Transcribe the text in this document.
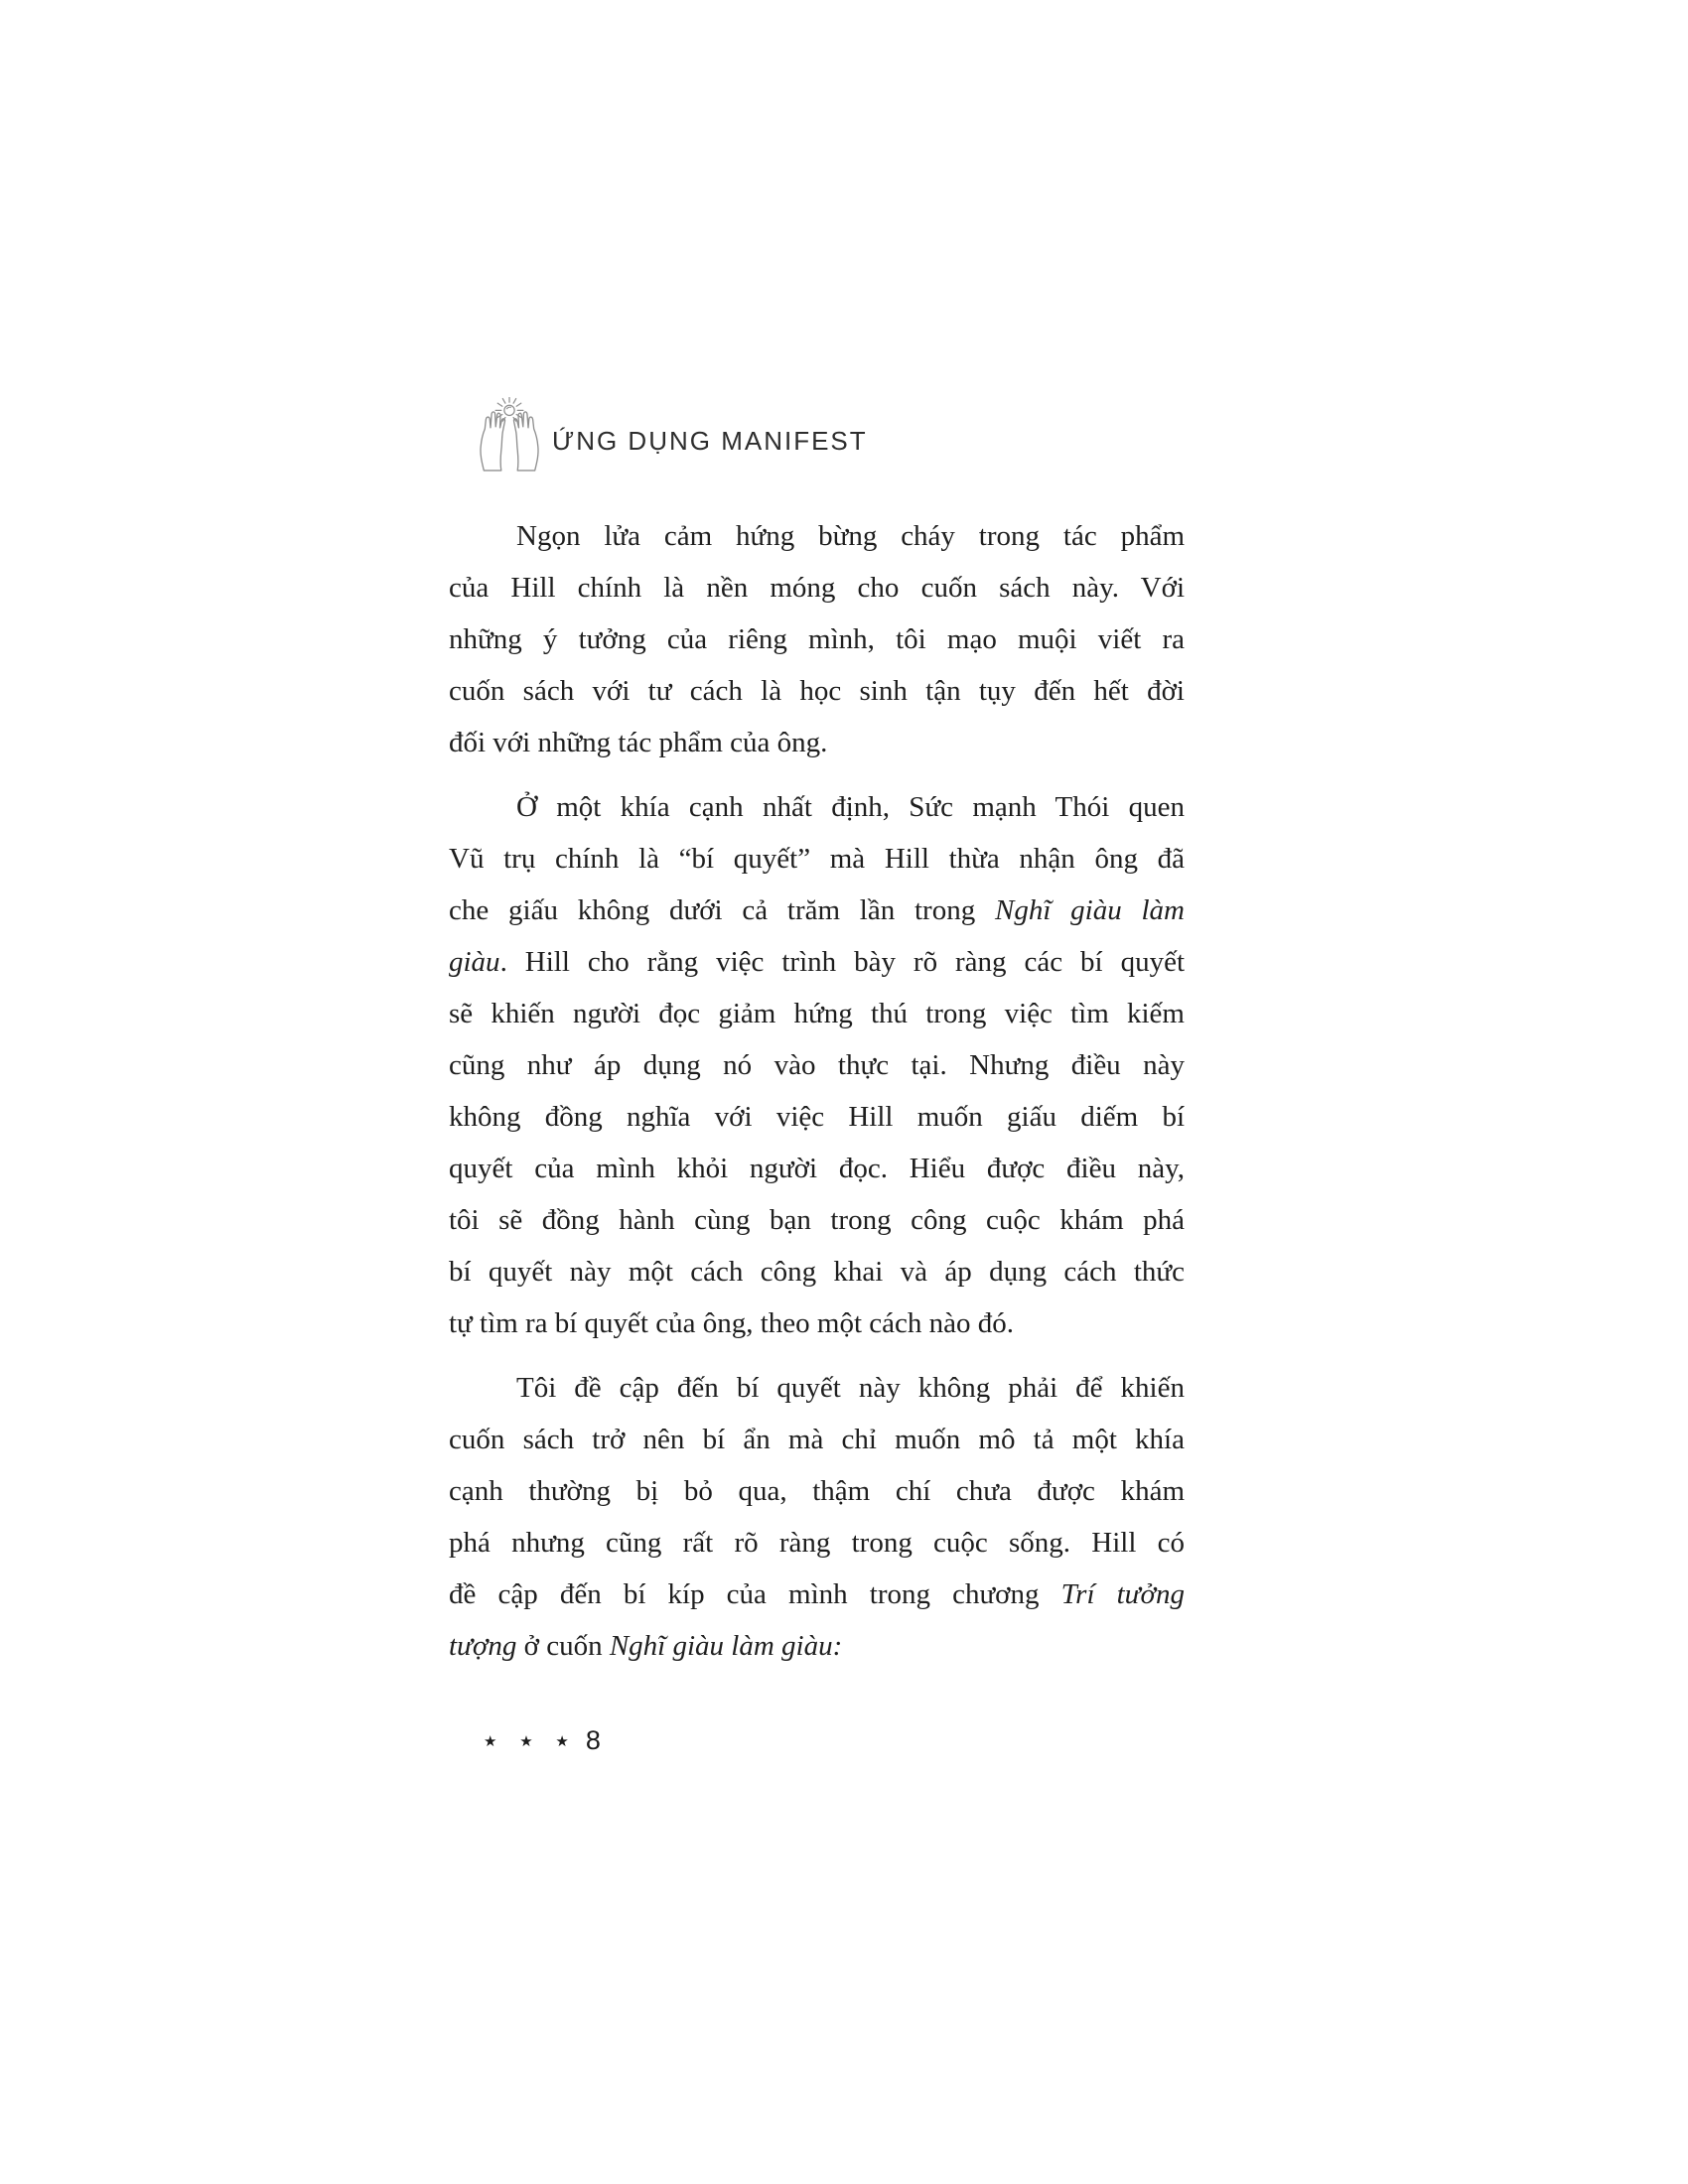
ỨNG DỤNG MANIFEST
Ngọn lửa cảm hứng bừng cháy trong tác phẩm
của Hill chính là nền móng cho cuốn sách này. Với
những ý tưởng của riêng mình, tôi mạo muội viết ra
cuốn sách với tư cách là học sinh tận tụy đến hết đời
đối với những tác phẩm của ông.
Ở một khía cạnh nhất định, Sức mạnh Thói quen
Vũ trụ chính là “bí quyết” mà Hill thừa nhận ông đã
che giấu không dưới cả trăm lần trong Nghĩ giàu làm
giàu. Hill cho rằng việc trình bày rõ ràng các bí quyết
sẽ khiến người đọc giảm hứng thú trong việc tìm kiếm
cũng như áp dụng nó vào thực tại. Nhưng điều này
không đồng nghĩa với việc Hill muốn giấu diếm bí
quyết của mình khỏi người đọc. Hiểu được điều này,
tôi sẽ đồng hành cùng bạn trong công cuộc khám phá
bí quyết này một cách công khai và áp dụng cách thức
tự tìm ra bí quyết của ông, theo một cách nào đó.
Tôi đề cập đến bí quyết này không phải để khiến
cuốn sách trở nên bí ẩn mà chỉ muốn mô tả một khía
cạnh thường bị bỏ qua, thậm chí chưa được khám
phá nhưng cũng rất rõ ràng trong cuộc sống. Hill có
đề cập đến bí kíp của mình trong chương Trí tưởng
tượng ở cuốn Nghĩ giàu làm giàu:
★ ★ ★ 8
